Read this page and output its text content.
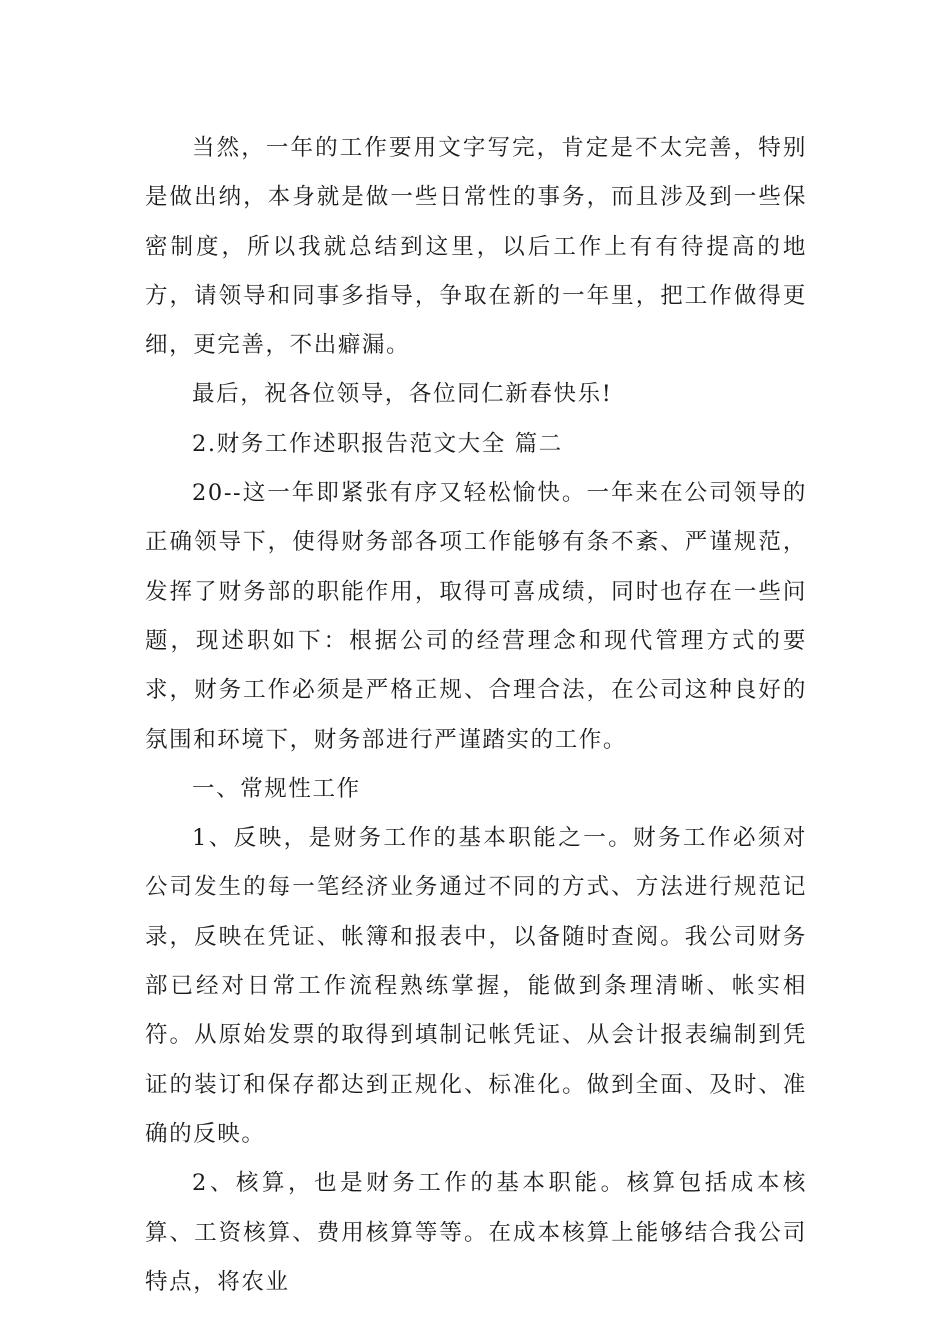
当然，一年的工作要用文字写完，肯定是不太完善，特别是做出纳，本身就是做一些日常性的事务，而且涉及到一些保密制度，所以我就总结到这里，以后工作上有有待提高的地方，请领导和同事多指导，争取在新的一年里，把工作做得更细，更完善，不出癖漏。

最后，祝各位领导，各位同仁新春快乐!

2.财务工作述职报告范文大全 篇二

20--这一年即紧张有序又轻松愉快。一年来在公司领导的正确领导下，使得财务部各项工作能够有条不紊、严谨规范，发挥了财务部的职能作用，取得可喜成绩，同时也存在一些问题，现述职如下：根据公司的经营理念和现代管理方式的要求，财务工作必须是严格正规、合理合法，在公司这种良好的氛围和环境下，财务部进行严谨踏实的工作。

一、常规性工作

1、反映，是财务工作的基本职能之一。财务工作必须对公司发生的每一笔经济业务通过不同的方式、方法进行规范记录，反映在凭证、帐簿和报表中，以备随时查阅。我公司财务部已经对日常工作流程熟练掌握，能做到条理清晰、帐实相符。从原始发票的取得到填制记帐凭证、从会计报表编制到凭证的装订和保存都达到正规化、标准化。做到全面、及时、准确的反映。

2、核算，也是财务工作的基本职能。核算包括成本核算、工资核算、费用核算等等。在成本核算上能够结合我公司特点，将农业
